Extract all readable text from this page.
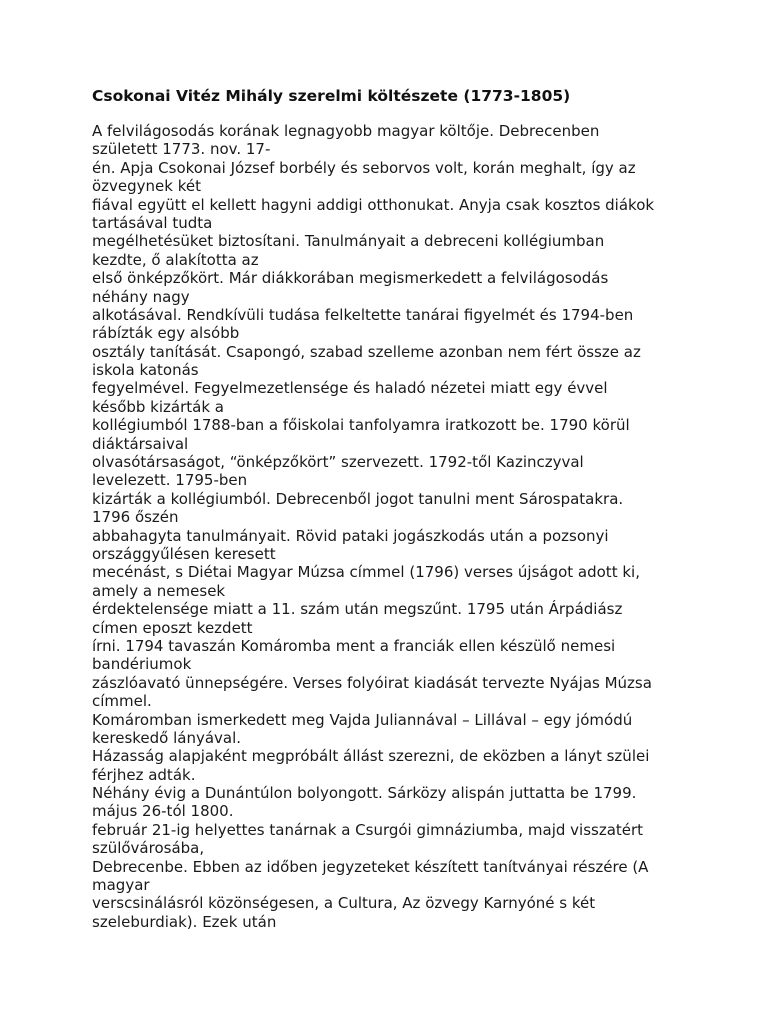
Csokonai Vitéz Mihály szerelmi költészete (1773-1805)
A felvilágosodás korának legnagyobb magyar költője. Debrecenben
született 1773. nov. 17-
én. Apja Csokonai József borbély és seborvos volt, korán meghalt, így az
özvegynek két
fiával együtt el kellett hagyni addigi otthonukat. Anyja csak kosztos diákok
tartásával tudta
megélhetésüket biztosítani. Tanulmányait a debreceni kollégiumban
kezdte, ő alakította az
első önképzőkört. Már diákkorában megismerkedett a felvilágosodás
néhány nagy
alkotásával. Rendkívüli tudása felkeltette tanárai figyelmét és 1794-ben
rábízták egy alsóbb
osztály tanítását. Csapongó, szabad szelleme azonban nem fért össze az
iskola katonás
fegyelmével. Fegyelmezetlensége és haladó nézetei miatt egy évvel
később kizárták a
kollégiumból 1788-ban a főiskolai tanfolyamra iratkozott be. 1790 körül
diáktársaival
olvasótársaságot, “önképzőkört” szervezett. 1792-től Kazinczyval
levelezett. 1795-ben
kizárták a kollégiumból. Debrecenből jogot tanulni ment Sárospatakra.
1796 őszén
abbahagyta tanulmányait. Rövid pataki jogászkodás után a pozsonyi
országgyűlésen keresett
mecénást, s Diétai Magyar Múzsa címmel (1796) verses újságot adott ki,
amely a nemesek
érdektelensége miatt a 11. szám után megszűnt. 1795 után Árpádiász
címen eposzt kezdett
írni. 1794 tavaszán Komáromba ment a franciák ellen készülő nemesi
bandériumok
zászlóavató ünnepségére. Verses folyóirat kiadását tervezte Nyájas Múzsa
címmel.
Komáromban ismerkedett meg Vajda Juliannával – Lillával – egy jómódú
kereskedő lányával.
Házasság alapjaként megpróbált állást szerezni, de eközben a lányt szülei
férjhez adták.
Néhány évig a Dunántúlon bolyongott. Sárközy alispán juttatta be 1799.
május 26-tól 1800.
február 21-ig helyettes tanárnak a Csurgói gimnáziumba, majd visszatért
szülővárosába,
Debrecenbe. Ebben az időben jegyzeteket készített tanítványai részére (A
magyar
verscsinálásról közönségesen, a Cultura, Az özvegy Karnyóné s két
szeleburdiak). Ezek után
